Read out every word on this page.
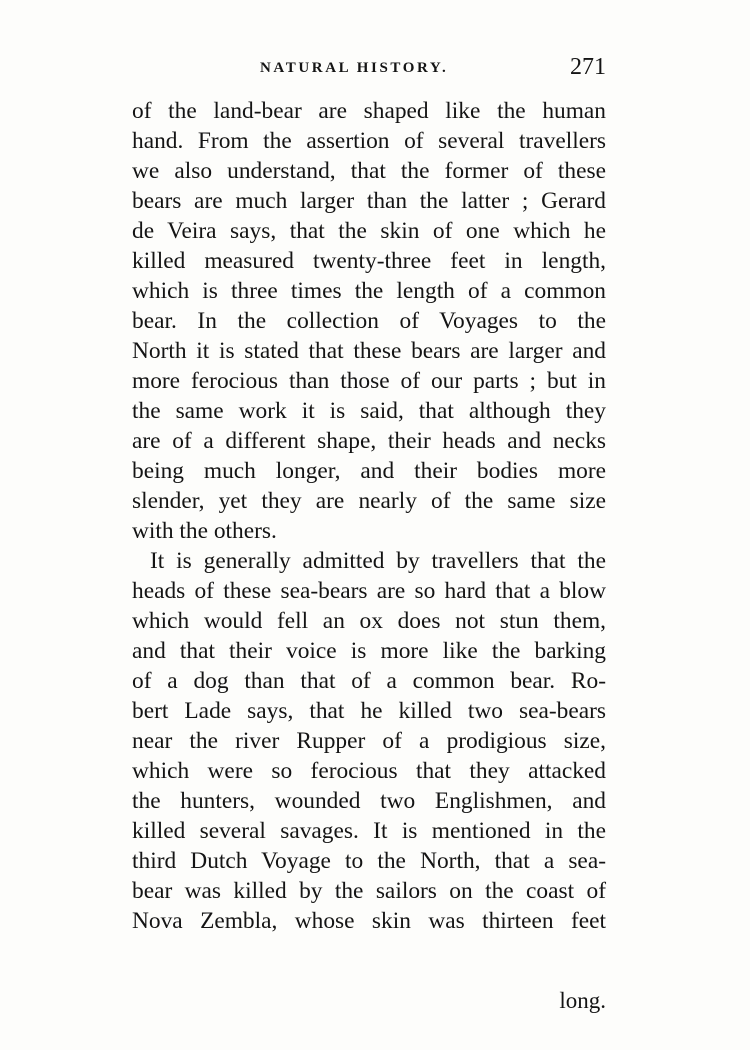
NATURAL HISTORY.	271
of the land-bear are shaped like the human
hand. From the assertion of several travellers
we also understand, that the former of these
bears are much larger than the latter ; Gerard
de Veira says, that the skin of one which he
killed measured twenty-three feet in length,
which is three times the length of a common
bear. In the collection of Voyages to the
North it is stated that these bears are larger and
more ferocious than those of our parts ; but in
the same work it is said, that although they
are of a different shape, their heads and necks
being much longer, and their bodies more
slender, yet they are nearly of the same size
with the others.
It is generally admitted by travellers that the
heads of these sea-bears are so hard that a blow
which would fell an ox does not stun them,
and that their voice is more like the barking
of a dog than that of a common bear. Ro-
bert Lade says, that he killed two sea-bears
near the river Rupper of a prodigious size,
which were so ferocious that they attacked
the hunters, wounded two Englishmen, and
killed several savages. It is mentioned in the
third Dutch Voyage to the North, that a sea-
bear was killed by the sailors on the coast of
Nova Zembla, whose skin was thirteen feet
long.
